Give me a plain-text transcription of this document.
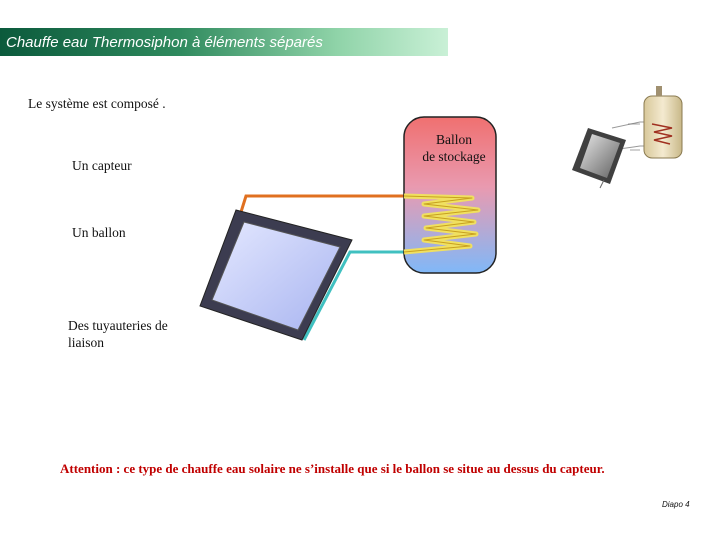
Chauffe eau Thermosiphon à éléments séparés
Le système est composé .
Un capteur
Un ballon
Des tuyauteries de
liaison
Ballon
de stockage
Attention : ce type de chauffe eau solaire ne s’installe que si le ballon se situe au dessus du capteur.
Diapo 4
